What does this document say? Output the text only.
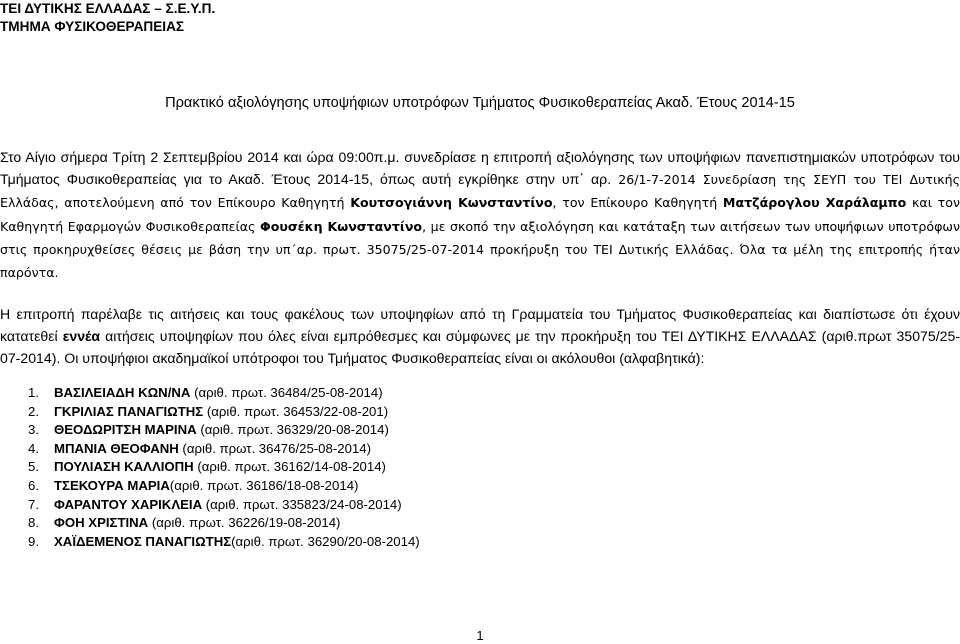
ΤΕΙ ΔΥΤΙΚΗΣ ΕΛΛΑΔΑΣ – Σ.Ε.Υ.Π.
ΤΜΗΜΑ ΦΥΣΙΚΟΘΕΡΑΠΕΙΑΣ
Πρακτικό αξιολόγησης υποψήφιων υποτρόφων Τμήματος Φυσικοθεραπείας Ακαδ. Έτους 2014-15
Στο Αίγιο σήμερα Τρίτη 2 Σεπτεμβρίου 2014 και ώρα 09:00π.μ. συνεδρίασε η επιτροπή αξιολόγησης των υποψήφιων πανεπιστημιακών υποτρόφων του Τμήματος Φυσικοθεραπείας για το Ακαδ. Έτους 2014-15, όπως αυτή εγκρίθηκε στην υπ΄ αρ. 26/1-7-2014 Συνεδρίαση της ΣΕΥΠ του ΤΕΙ Δυτικής Ελλάδας, αποτελούμενη από τον Επίκουρο Καθηγητή Κουτσογιάννη Κωνσταντίνο, τον Επίκουρο Καθηγητή Ματζάρογλου Χαράλαμπο και τον Καθηγητή Εφαρμογών Φυσικοθεραπείας Φουσέκη Κωνσταντίνο, με σκοπό την αξιολόγηση και κατάταξη των αιτήσεων των υποψήφιων υποτρόφων στις προκηρυχθείσες θέσεις με βάση την υπ΄αρ. πρωτ. 35075/25-07-2014 προκήρυξη του ΤΕΙ Δυτικής Ελλάδας. Όλα τα μέλη της επιτροπής ήταν παρόντα.
Η επιτροπή παρέλαβε τις αιτήσεις και τους φακέλους των υποψηφίων από τη Γραμματεία του Τμήματος Φυσικοθεραπείας και διαπίστωσε ότι έχουν κατατεθεί εννέα αιτήσεις υποψηφίων που όλες είναι εμπρόθεσμες και σύμφωνες με την προκήρυξη του ΤΕΙ ΔΥΤΙΚΗΣ ΕΛΛΑΔΑΣ (αριθ.πρωτ 35075/25-07-2014). Οι υποψήφιοι ακαδημαϊκοί υπότροφοι του Τμήματος Φυσικοθεραπείας είναι οι ακόλουθοι (αλφαβητικά):
1. ΒΑΣΙΛΕΙΑΔΗ ΚΩΝ/ΝΑ (αριθ. πρωτ. 36484/25-08-2014)
2. ΓΚΡΙΛΙΑΣ ΠΑΝΑΓΙΩΤΗΣ (αριθ. πρωτ. 36453/22-08-201)
3. ΘΕΟΔΩΡΙΤΣΗ ΜΑΡΙΝΑ (αριθ. πρωτ. 36329/20-08-2014)
4. ΜΠΑΝΙΑ ΘΕΟΦΑΝΗ (αριθ. πρωτ. 36476/25-08-2014)
5. ΠΟΥΛΙΑΣΗ ΚΑΛΛΙΟΠΗ (αριθ. πρωτ. 36162/14-08-2014)
6. ΤΣΕΚΟΥΡΑ ΜΑΡΙΑ(αριθ. πρωτ. 36186/18-08-2014)
7. ΦΑΡΑΝΤΟΥ ΧΑΡΙΚΛΕΙΑ (αριθ. πρωτ. 335823/24-08-2014)
8. ΦΟΗ ΧΡΙΣΤΙΝΑ (αριθ. πρωτ. 36226/19-08-2014)
9. ΧΑΪΔΕΜΕΝΟΣ ΠΑΝΑΓΙΩΤΗΣ(αριθ. πρωτ. 36290/20-08-2014)
1
